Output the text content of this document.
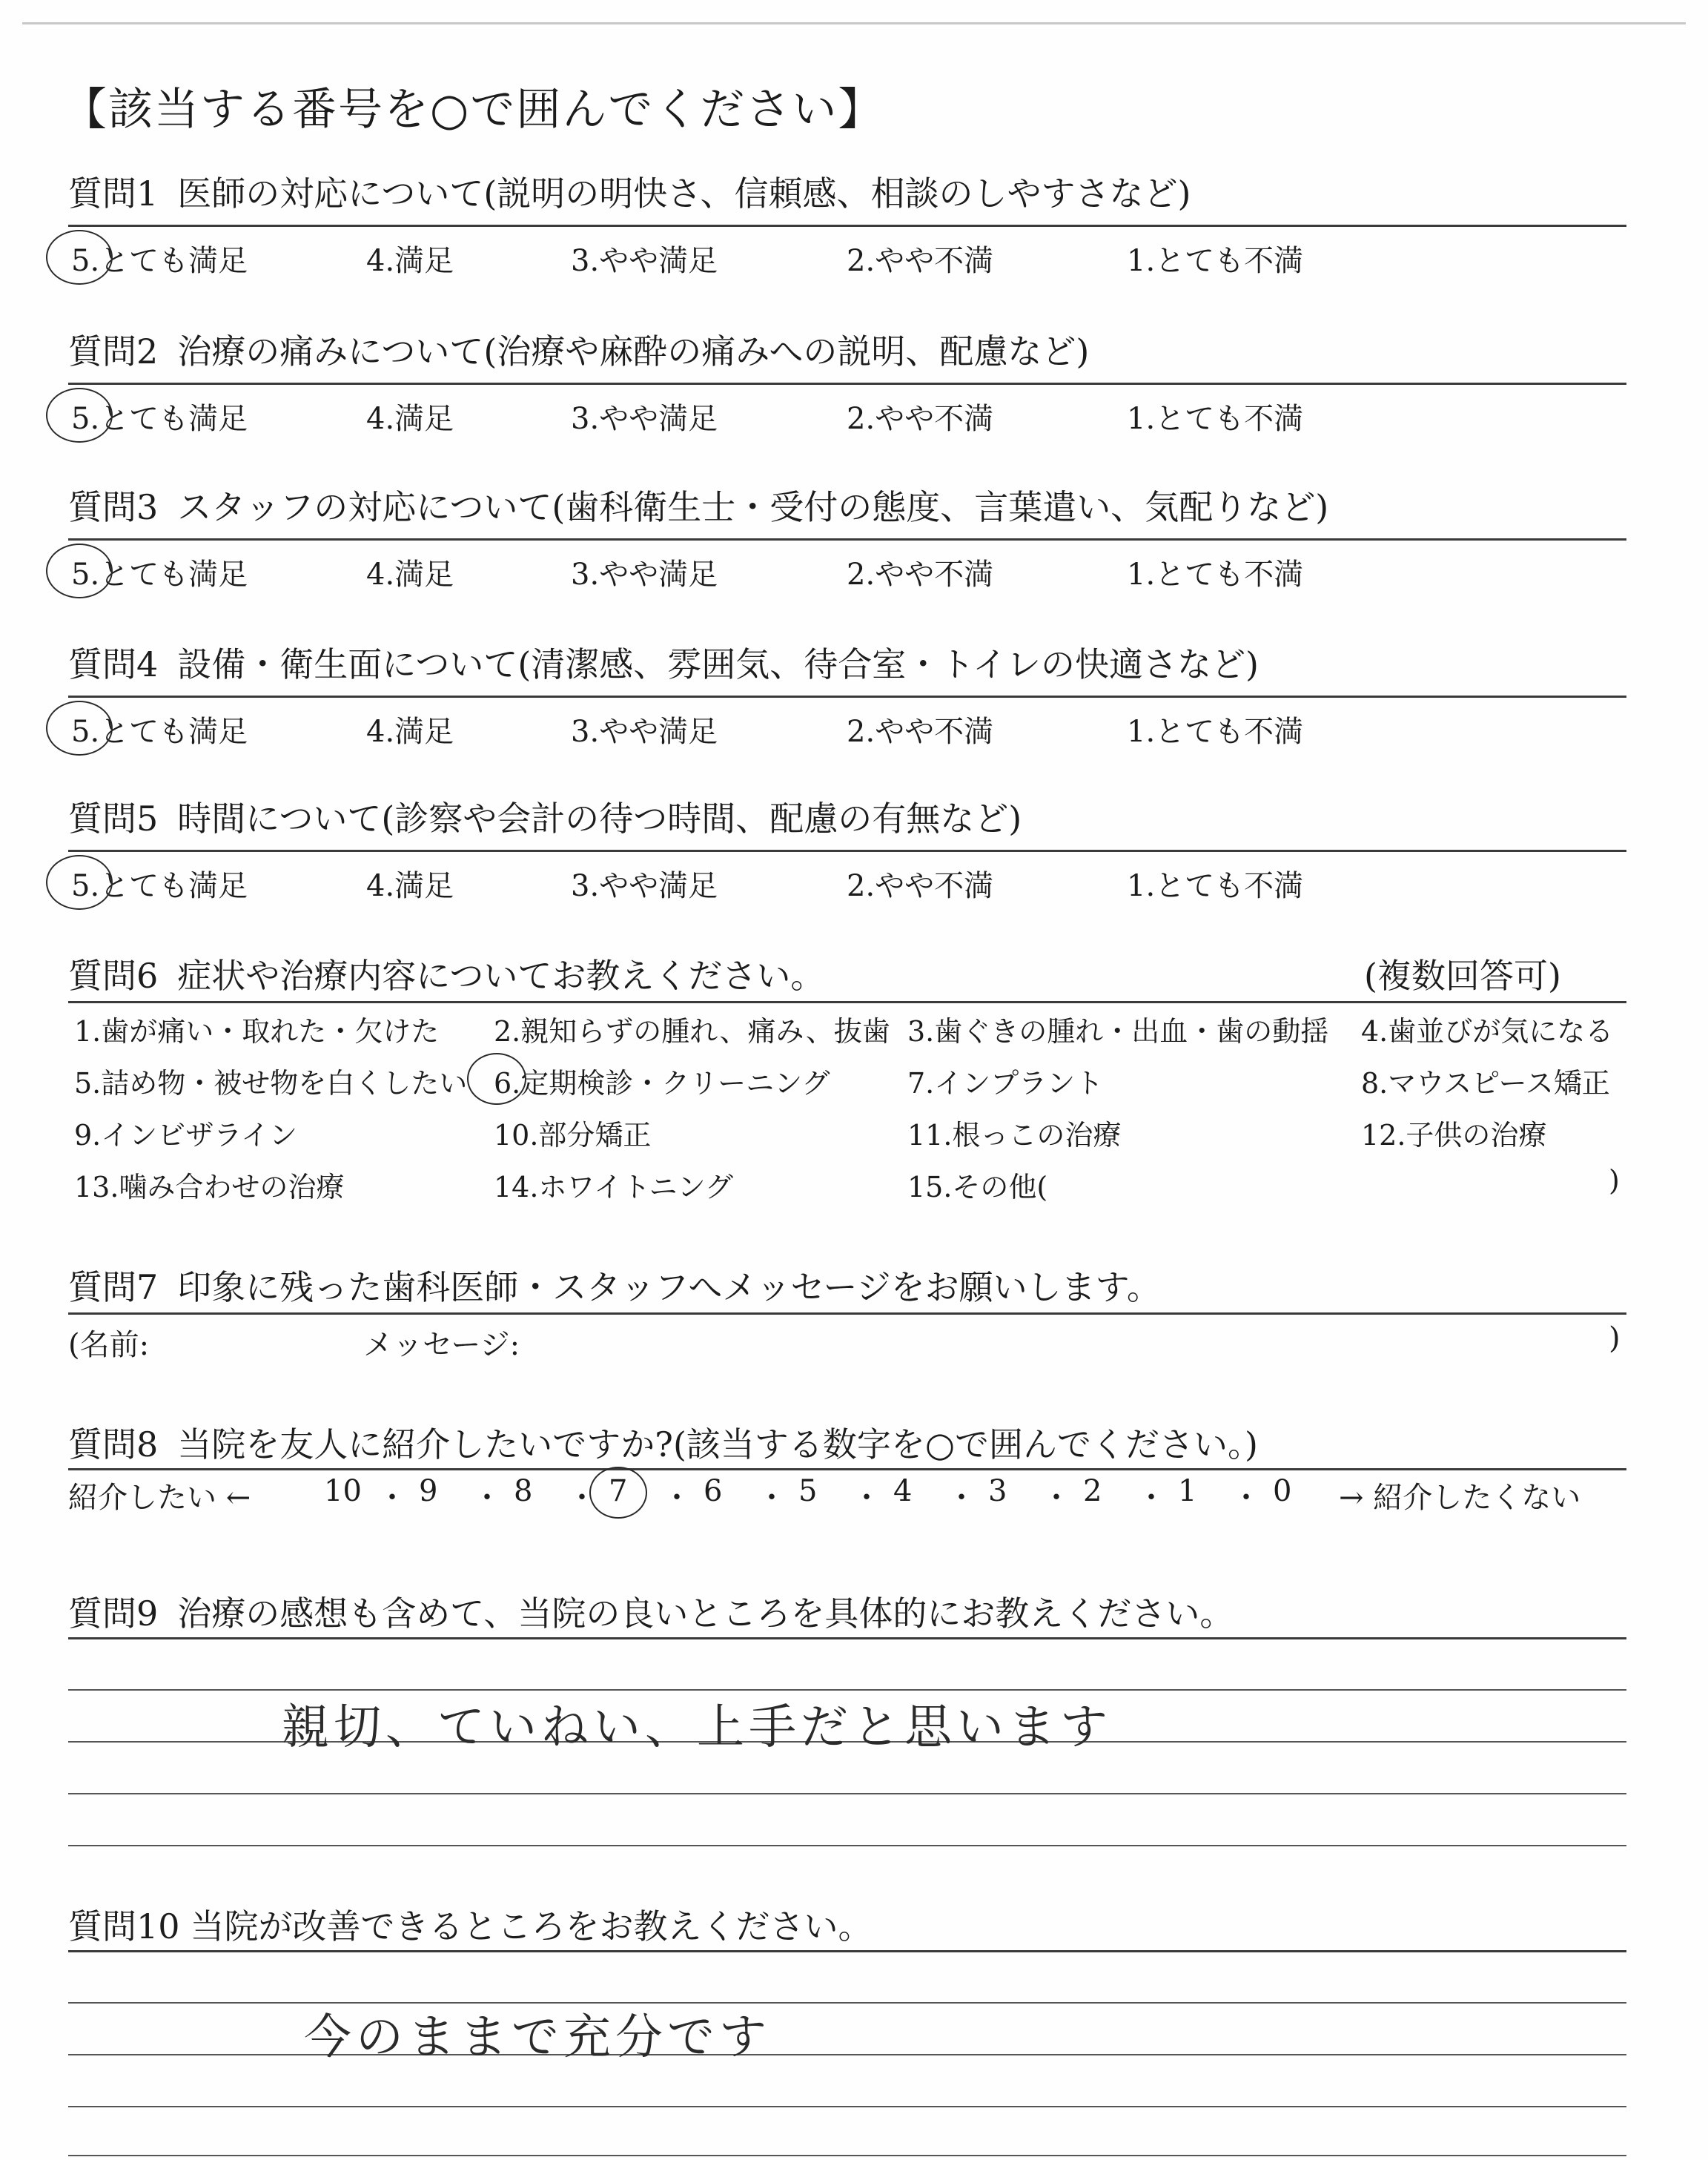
【該当する番号を○で囲んでください】
質問1 医師の対応について(説明の明快さ、信頼感、相談のしやすさなど)
5.とても満足	4.満足	3.やや満足	2.やや不満	1.とても不満
質問2 治療の痛みについて(治療や麻酔の痛みへの説明、配慮など)
5.とても満足	4.満足	3.やや満足	2.やや不満	1.とても不満
質問3 スタッフの対応について(歯科衛生士・受付の態度、言葉遣い、気配りなど)
5.とても満足	4.満足	3.やや満足	2.やや不満	1.とても不満
質問4 設備・衛生面について(清潔感、雰囲気、待合室・トイレの快適さなど)
5.とても満足	4.満足	3.やや満足	2.やや不満	1.とても不満
質問5 時間について(診察や会計の待つ時間、配慮の有無など)
5.とても満足	4.満足	3.やや満足	2.やや不満	1.とても不満
質問6 症状や治療内容についてお教えください。	(複数回答可)
1.歯が痛い・取れた・欠けた 2.親知らずの腫れ、痛み、抜歯 3.歯ぐきの腫れ・出血・歯の動揺 4.歯並びが気になる
5.詰め物・被せ物を白くしたい 6.定期検診・クリーニング	7.インプラント	8.マウスピース矯正
9.インビザライン	10.部分矯正	11.根っこの治療	12.子供の治療
13.噛み合わせの治療	14.ホワイトニング	15.その他(	)
質問7 印象に残った歯科医師・スタッフへメッセージをお願いします。
(名前:	メッセージ:	)
質問8 当院を友人に紹介したいですか?(該当する数字を○で囲んでください。)
紹介したい ← 10 ・ 9 ・ 8 ・ 7 ・ 6 ・ 5 ・ 4 ・ 3 ・ 2 ・ 1 ・ 0 → 紹介したくない
質問9 治療の感想も含めて、当院の良いところを具体的にお教えください。
親切、ていねい、上手だと思います
質問10 当院が改善できるところをお教えください。
今のままで充分です
